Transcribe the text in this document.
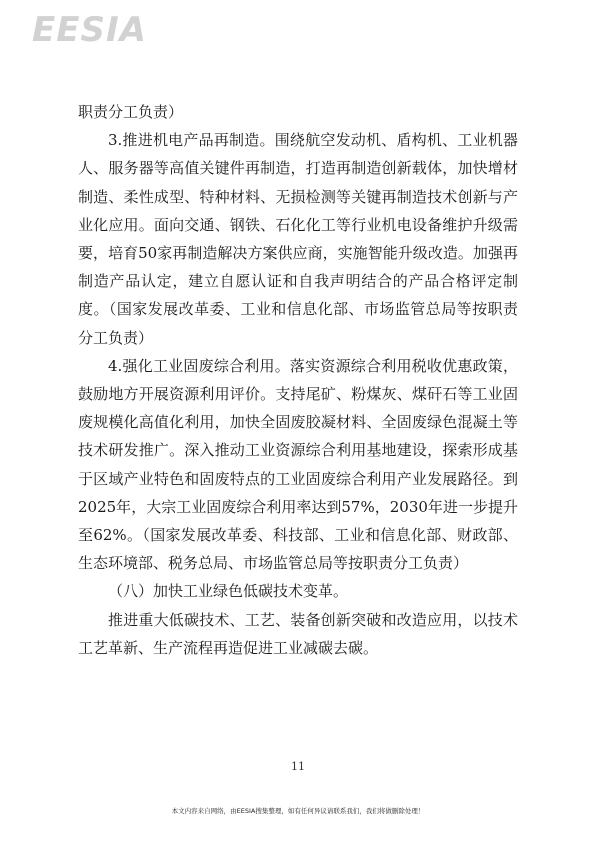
EESIA

职责分工负责）

3.推进机电产品再制造。围绕航空发动机、盾构机、工业机器人、服务器等高值关键件再制造，打造再制造创新载体，加快增材制造、柔性成型、特种材料、无损检测等关键再制造技术创新与产业化应用。面向交通、钢铁、石化化工等行业机电设备维护升级需要，培育50家再制造解决方案供应商，实施智能升级改造。加强再制造产品认定，建立自愿认证和自我声明结合的产品合格评定制度。（国家发展改革委、工业和信息化部、市场监管总局等按职责分工负责）

4.强化工业固废综合利用。落实资源综合利用税收优惠政策，鼓励地方开展资源利用评价。支持尾矿、粉煤灰、煤矸石等工业固废规模化高值化利用，加快全固废胶凝材料、全固废绿色混凝土等技术研发推广。深入推动工业资源综合利用基地建设，探索形成基于区域产业特色和固废特点的工业固废综合利用产业发展路径。到2025年，大宗工业固废综合利用率达到57%，2030年进一步提升至62%。（国家发展改革委、科技部、工业和信息化部、财政部、生态环境部、税务总局、市场监管总局等按职责分工负责）

（八）加快工业绿色低碳技术变革。

推进重大低碳技术、工艺、装备创新突破和改造应用，以技术工艺革新、生产流程再造促进工业减碳去碳。

11
本文内容来自网络，由EESIA搜集整理，如有任何异议请联系我们，我们将做删除处理！
